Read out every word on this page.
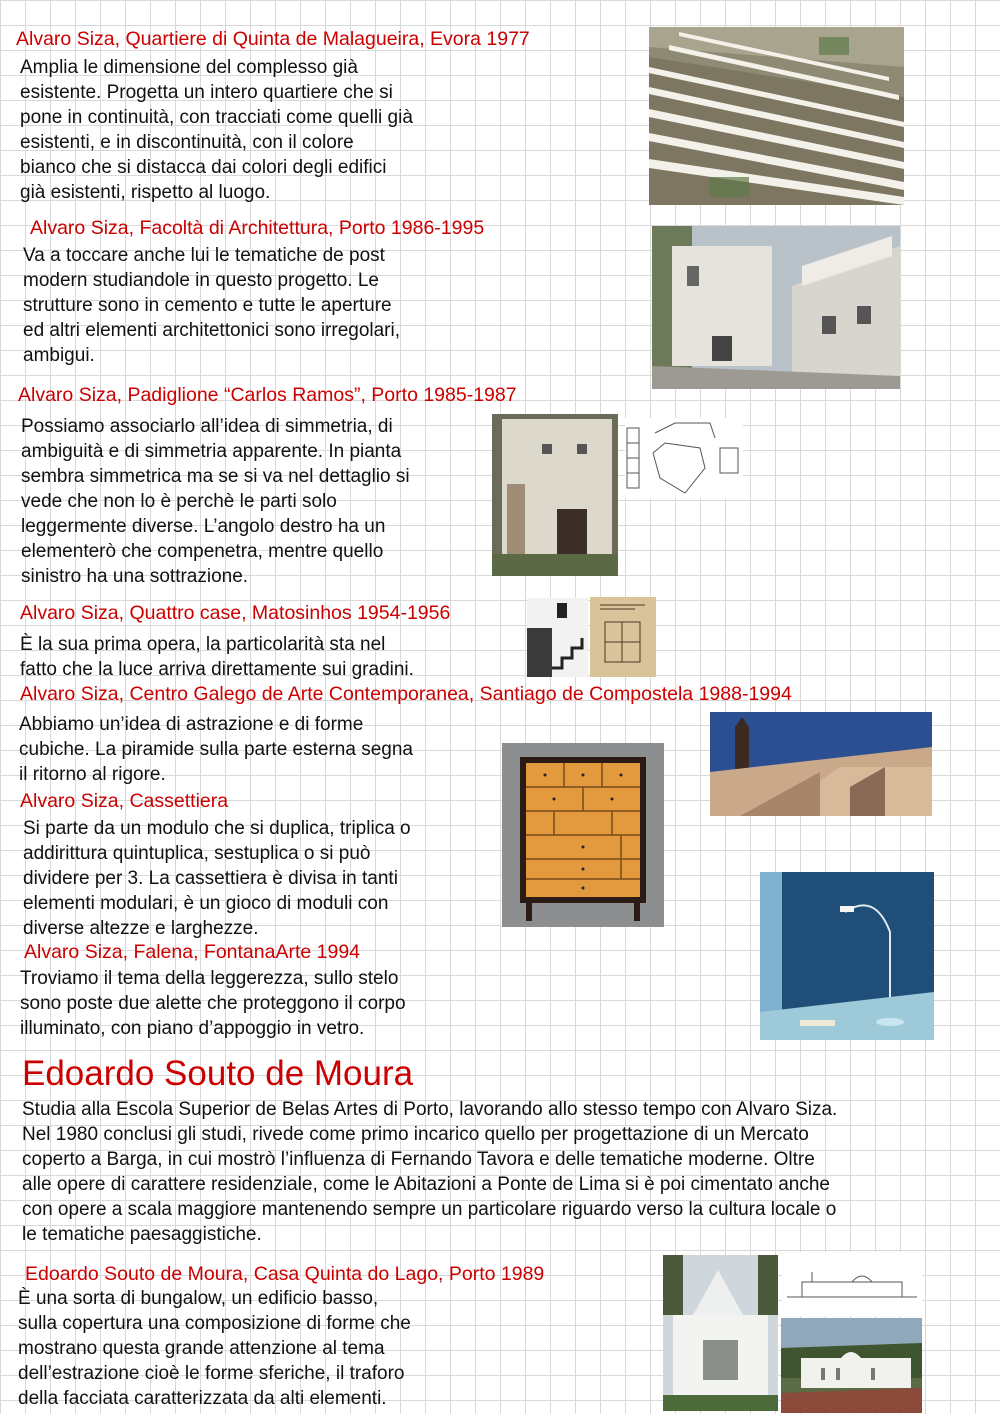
Alvaro Siza, Quartiere di Quinta de Malagueira, Evora 1977
Amplia le dimensione del complesso già
esistente. Progetta un intero quartiere che si
pone in continuità, con tracciati come quelli già
esistenti, e in discontinuità, con il colore
bianco che si distacca dai colori degli edifici
già esistenti, rispetto al luogo.
Alvaro Siza, Facoltà di Architettura, Porto 1986-1995
Va a toccare anche lui le tematiche de post
modern studiandole in questo progetto. Le
strutture sono in cemento e tutte le aperture
ed altri elementi architettonici sono irregolari,
ambigui.
Alvaro Siza, Padiglione “Carlos Ramos”, Porto 1985-1987
Possiamo associarlo all’idea di simmetria, di
ambiguità e di simmetria apparente. In pianta
sembra simmetrica ma se si va nel dettaglio si
vede che non lo è perchè le parti solo
leggermente diverse. L’angolo destro ha un
elementerò che compenetra, mentre quello
sinistro ha una sottrazione.
Alvaro Siza, Quattro case, Matosinhos 1954-1956
È la sua prima opera, la particolarità sta nel
fatto che la luce arriva direttamente sui gradini.
Alvaro Siza, Centro Galego de Arte Contemporanea, Santiago de Compostela 1988-1994
Abbiamo un’idea di astrazione e di forme
cubiche. La piramide sulla parte esterna segna
il ritorno al rigore.
Alvaro Siza, Cassettiera
Si parte da un modulo che si duplica, triplica o
addirittura quintuplica, sestuplica o si può
dividere per 3. La cassettiera è divisa in tanti
elementi modulari, è un gioco di moduli con
diverse altezze e larghezze.
Alvaro Siza, Falena, FontanaArte 1994
Troviamo il tema della leggerezza, sullo stelo
sono poste due alette che proteggono il corpo
illuminato, con piano d’appoggio in vetro.
Edoardo Souto de Moura
Studia alla Escola Superior de Belas Artes di Porto, lavorando allo stesso tempo con Alvaro Siza.
Nel 1980 conclusi gli studi, rivede come primo incarico quello per progettazione di un Mercato
coperto a Barga, in cui mostrò l’influenza di Fernando Tavora e delle tematiche moderne. Oltre
alle opere di carattere residenziale, come le Abitazioni a Ponte de Lima si è poi cimentato anche
con opere a scala maggiore mantenendo sempre un particolare riguardo verso la cultura locale o
le tematiche paesaggistiche.
Edoardo Souto de Moura, Casa Quinta do Lago, Porto 1989
È una sorta di bungalow, un edificio basso,
sulla copertura una composizione di forme che
mostrano questa grande attenzione al tema
dell’estrazione cioè le forme sferiche, il traforo
della facciata caratterizzata da alti elementi.
